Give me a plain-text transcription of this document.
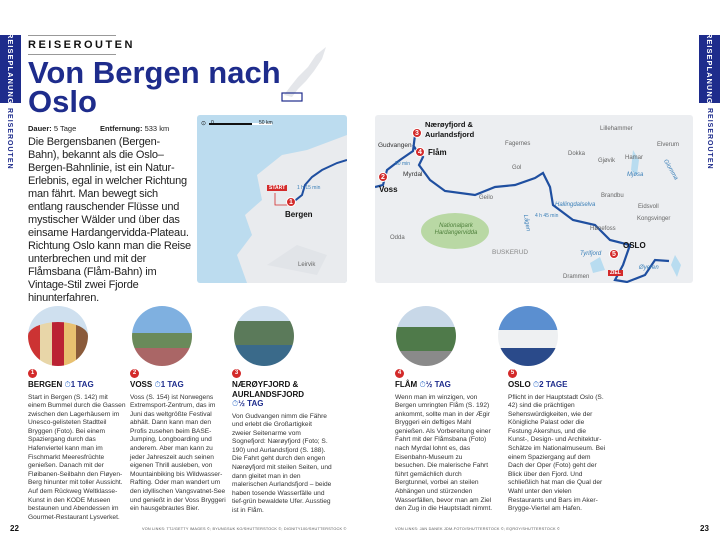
REISEPLANUNG
REISEROUTEN
REISEPLANUNG
REISEROUTEN
REISEROUTEN
Von Bergen nach Oslo
Dauer: 5 Tage	Entfernung: 533 km
Die Bergensbanen (Bergen-Bahn), bekannt als die Oslo–Bergen-Bahnlinie, ist ein Natur-Erlebnis, egal in welcher Richtung man fährt. Man bewegt sich entlang rauschender Flüsse und mystischer Wälder und über das einsame Hardangervidda-Plateau. Richtung Oslo kann man die Reise unterbrechen und mit der Flåmsbana (Flåm-Bahn) im Vintage-Stil zwei Fjorde hinunterfahren.
⊙ 0	50 km
START	1 h 15 min
1
Bergen
Leirvik
Nærøyfjord &
Aurlandsfjord
3
Gudvangen
4 Flåm
50 min
Myrdal
2
Voss
Fagernes
Gol
Geilo
Odda
Nationalpark Hardangervidda
BUSKERUD
Lågen 4 h 45 min
Hallingdalselva
Lillehammer
Dokka
Gjøvik Hamar
Elverum
Mjøsa	Glomma
Brandbu
Eidsvoll
Kongsvinger
Hønefoss
Tyrifjord	5
OSLO
Øyeren
Drammen
ZIEL
1
BERGEN ⏱1 TAG
Start in Bergen (S. 142) mit einem Bummel durch die Gassen zwischen den Lagerhäusern im Unesco-gelisteten Stadtteil Bryggen (Foto). Bei einem Spaziergang durch das Hafenviertel kann man im Fischmarkt Meeresfrüchte genießen. Danach mit der Fløibanen-Seilbahn den Fløyen-Berg hinunter mit toller Aussicht. Auf dem Rückweg Weltklasse-Kunst in den KODE Museen bestaunen und Abendessen im Gourmet-Restaurant Lysverket.
2
VOSS ⏱1 TAG
Voss (S. 154) ist Norwegens Extremsport-Zentrum, das im Juni das weltgrößte Festival abhält. Dann kann man den Profis zusehen beim BASE-Jumping, Longboarding und anderem. Aber man kann zu jeder Jahreszeit auch seinen eigenen Thrill ausleben, von Mountainbiking bis Wildwasser-Rafting. Oder man wandert um den idyllischen Vangsvatnet-See und genießt in der Voss Bryggeri ein hausgebrautes Bier.
3
NÆRØYFJORD & AURLANDSFJORD
⏱½ TAG
Von Gudvangen nimm die Fähre und erlebt die Großartigkeit zweier Seitenarme vom Sognefjord: Nærøyfjord (Foto; S. 190) und Aurlandsfjord (S. 188). Die Fahrt geht durch den engen Nærøyfjord mit steilen Seiten, und dann gleitet man in den malerischen Aurlandsfjord – beide haben tosende Wasserfälle und tief-grün bewaldete Ufer. Ausstieg ist in Flåm.
4
FLÅM ⏱½ TAG
Wenn man im winzigen, von Bergen umringten Flåm (S. 192) ankommt, sollte man in der Ægir Bryggeri ein deftiges Mahl genießen. Als Vorbereitung einer Fahrt mit der Flåmsbana (Foto) nach Myrdal lohnt es, das Eisenbahn-Museum zu besuchen. Die malerische Fahrt führt gemächlich durch Bergtunnel, vorbei an steilen Abhängen und stürzenden Wasserfällen, bevor man am Ziel den Zug in die Hauptstadt nimmt.
5
OSLO ⏱2 TAGE
Pflicht in der Hauptstadt Oslo (S. 42) sind die prächtigen Sehenswürdigkeiten, wie der Königliche Palast oder die Festung Akershus, und die Kunst-, Design- und Architektur-Schätze im Nationalmuseum. Bei einem Spaziergang auf dem Dach der Oper (Foto) geht der Blick über den Fjord. Und schließlich hat man die Qual der Wahl unter den vielen Restaurants und Bars im Aker- Brygge-Viertel am Hafen.
VON LINKS: TTJ/GETTY IMAGES ©; BYUNGSUK KO/SHUTTERSTOCK ©; DIGNITY100/SHUTTERSTOCK ©	VON LINKS: JAN DANEK JDM-FOTO/SHUTTERSTOCK ©; EQROY/SHUTTERSTOCK ©
22	23
